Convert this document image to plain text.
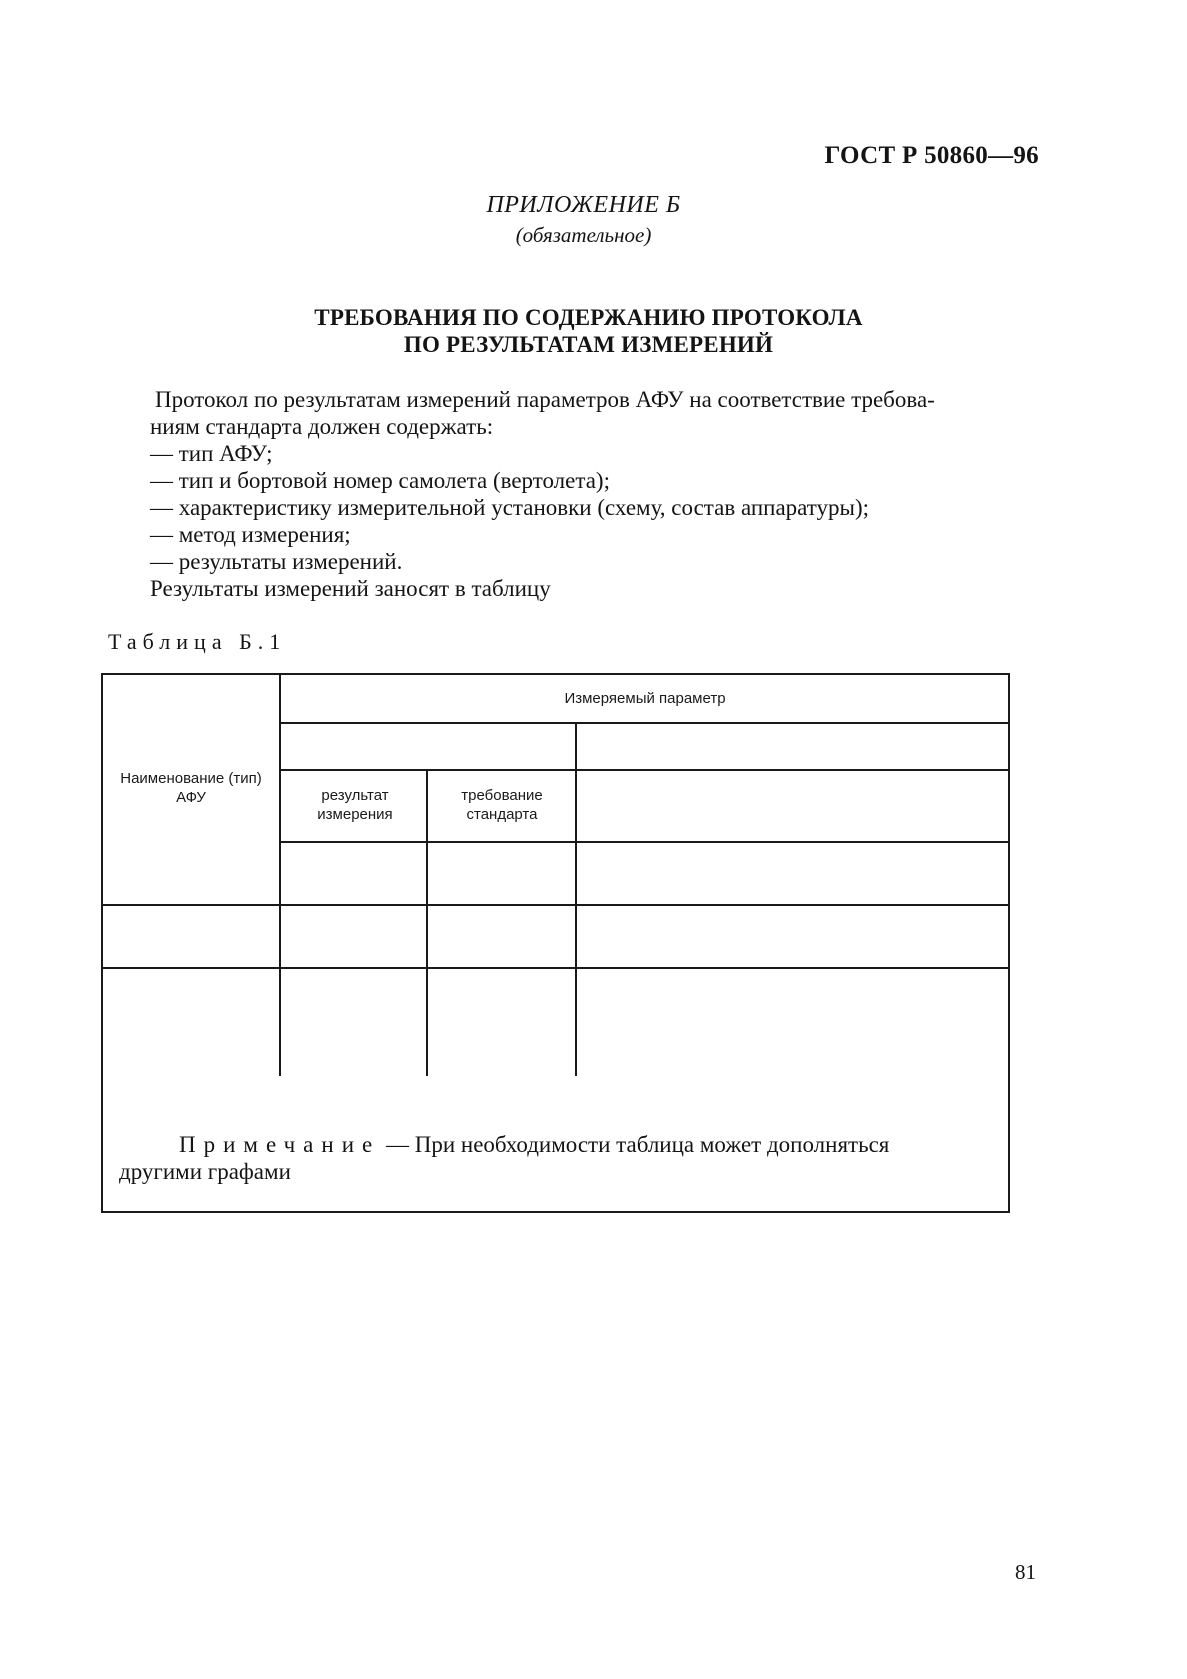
ГОСТ Р 50860—96
ПРИЛОЖЕНИЕ Б
(обязательное)
ТРЕБОВАНИЯ ПО СОДЕРЖАНИЮ ПРОТОКОЛА
ПО РЕЗУЛЬТАТАМ ИЗМЕРЕНИЙ
Протокол по результатам измерений параметров АФУ на соответствие требова-
ниям стандарта должен содержать:
— тип АФУ;
— тип и бортовой номер самолета (вертолета);
— характеристику измерительной установки (схему, состав аппаратуры);
— метод измерения;
— результаты измерений.
Результаты измерений заносят в таблицу
Таблица Б.1
Наименование (тип) АФУ
Измеряемый параметр
результат измерения
требование стандарта
Примечание — При необходимости таблица может дополняться
другими графами
81
